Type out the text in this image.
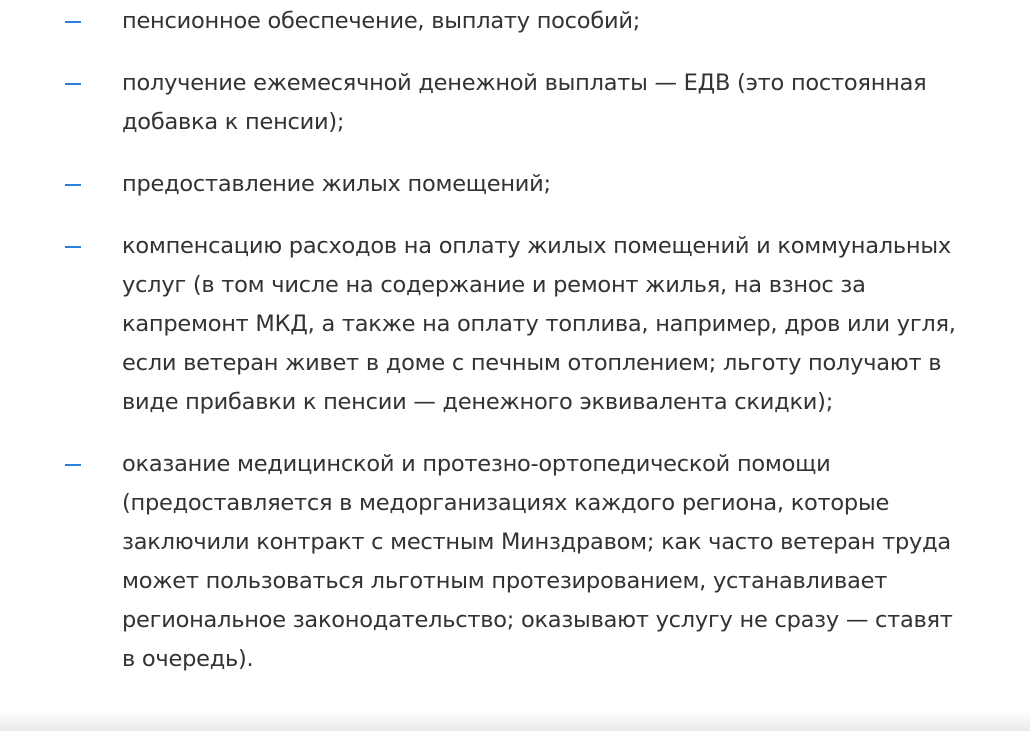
пенсионное обеспечение, выплату пособий;
получение ежемесячной денежной выплаты — ЕДВ (это постоянная добавка к пенсии);
предоставление жилых помещений;
компенсацию расходов на оплату жилых помещений и коммунальных услуг (в том числе на содержание и ремонт жилья, на взнос за капремонт МКД, а также на оплату топлива, например, дров или угля, если ветеран живет в доме с печным отоплением; льготу получают в виде прибавки к пенсии — денежного эквивалента скидки);
оказание медицинской и протезно-ортопедической помощи (предоставляется в медорганизациях каждого региона, которые заключили контракт с местным Минздравом; как часто ветеран труда может пользоваться льготным протезированием, устанавливает региональное законодательство; оказывают услугу не сразу — ставят в очередь).
